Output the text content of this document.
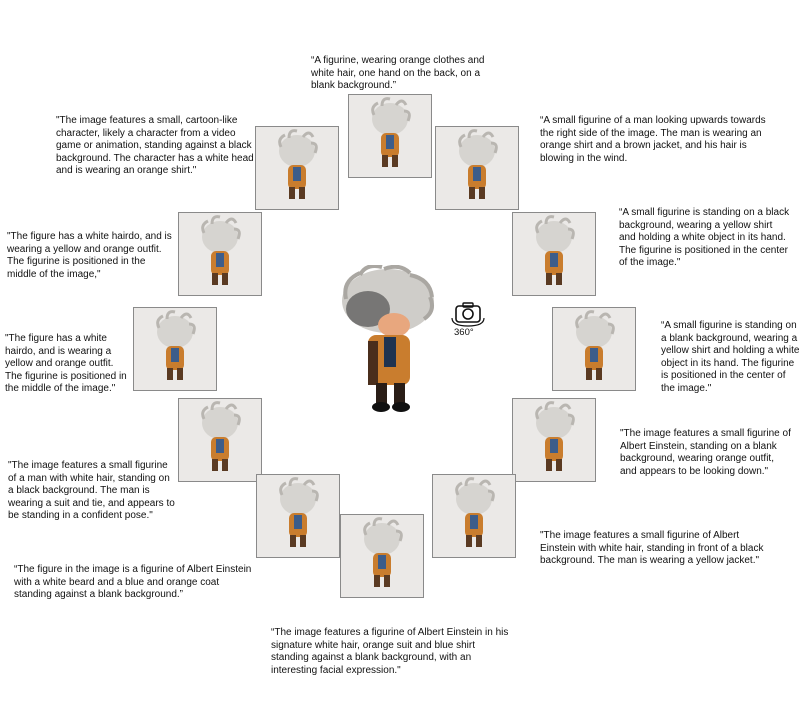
360°
“A figurine, wearing orange clothes and
white hair, one hand on the back, on a
blank background.”
“A small figurine of a man looking upwards towards
the right side of the image. The man is wearing an
orange shirt and a brown jacket, and his hair is
blowing in the wind.
“A small figurine is standing on a black
background, wearing a yellow shirt
and holding a white object in its hand.
The figurine is positioned in the center
of the image."
“A small figurine is standing on
a blank background, wearing a
yellow shirt and holding a white
object in its hand. The figurine
is positioned in the center of
the image."
"The image features a small figurine of
Albert Einstein, standing on a blank
background, wearing orange outfit,
and appears to be looking down."
"The image features a small figurine of Albert
Einstein with white hair, standing in front of a black
background. The man is wearing a yellow jacket."
“The image features a figurine of Albert Einstein in his
signature white hair, orange suit and blue shirt
standing against a blank background, with an
interesting facial expression."
“The figure in the image is a figurine of Albert Einstein
with a white beard and a blue and orange coat
standing against a blank background.”
"The image features a small figurine
of a man with white hair, standing on
a black background. The man is
wearing a suit and tie, and appears to
be standing in a confident pose."
"The figure has a white
hairdo, and is wearing a
yellow and orange outfit.
The figurine is positioned in
the middle of the image."
"The figure has a white hairdo, and is
wearing a yellow and orange outfit.
The figurine is positioned in the
middle of the image,"
"The image features a small, cartoon-like
character, likely a character from a video
game or animation, standing against a black
background. The character has a white head
and is wearing an orange shirt."
